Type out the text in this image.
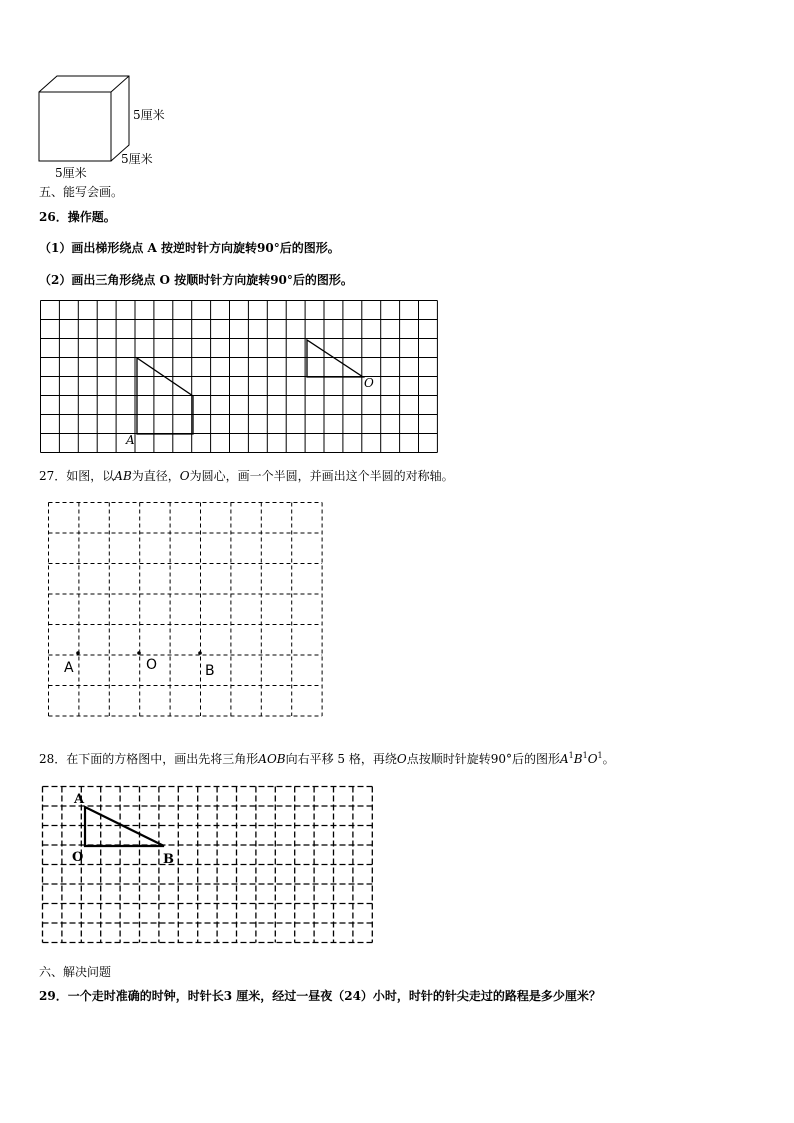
5厘米
5厘米
5厘米
五、能写会画。
26．操作题。
（1）画出梯形绕点 A 按逆时针方向旋转90°后的图形。
（2）画出三角形绕点 O 按顺时针方向旋转90°后的图形。
A
O
27．如图，以AB为直径，O为圆心，画一个半圆，并画出这个半圆的对称轴。
A	O	B
28．在下面的方格图中，画出先将三角形AOB向右平移 5 格，再绕O点按顺时针旋转90°后的图形$A^1B^1O^1$。
A
O	B
六、解决问题
29．一个走时准确的时钟，时针长3 厘米，经过一昼夜（24）小时，时针的针尖走过的路程是多少厘米？
